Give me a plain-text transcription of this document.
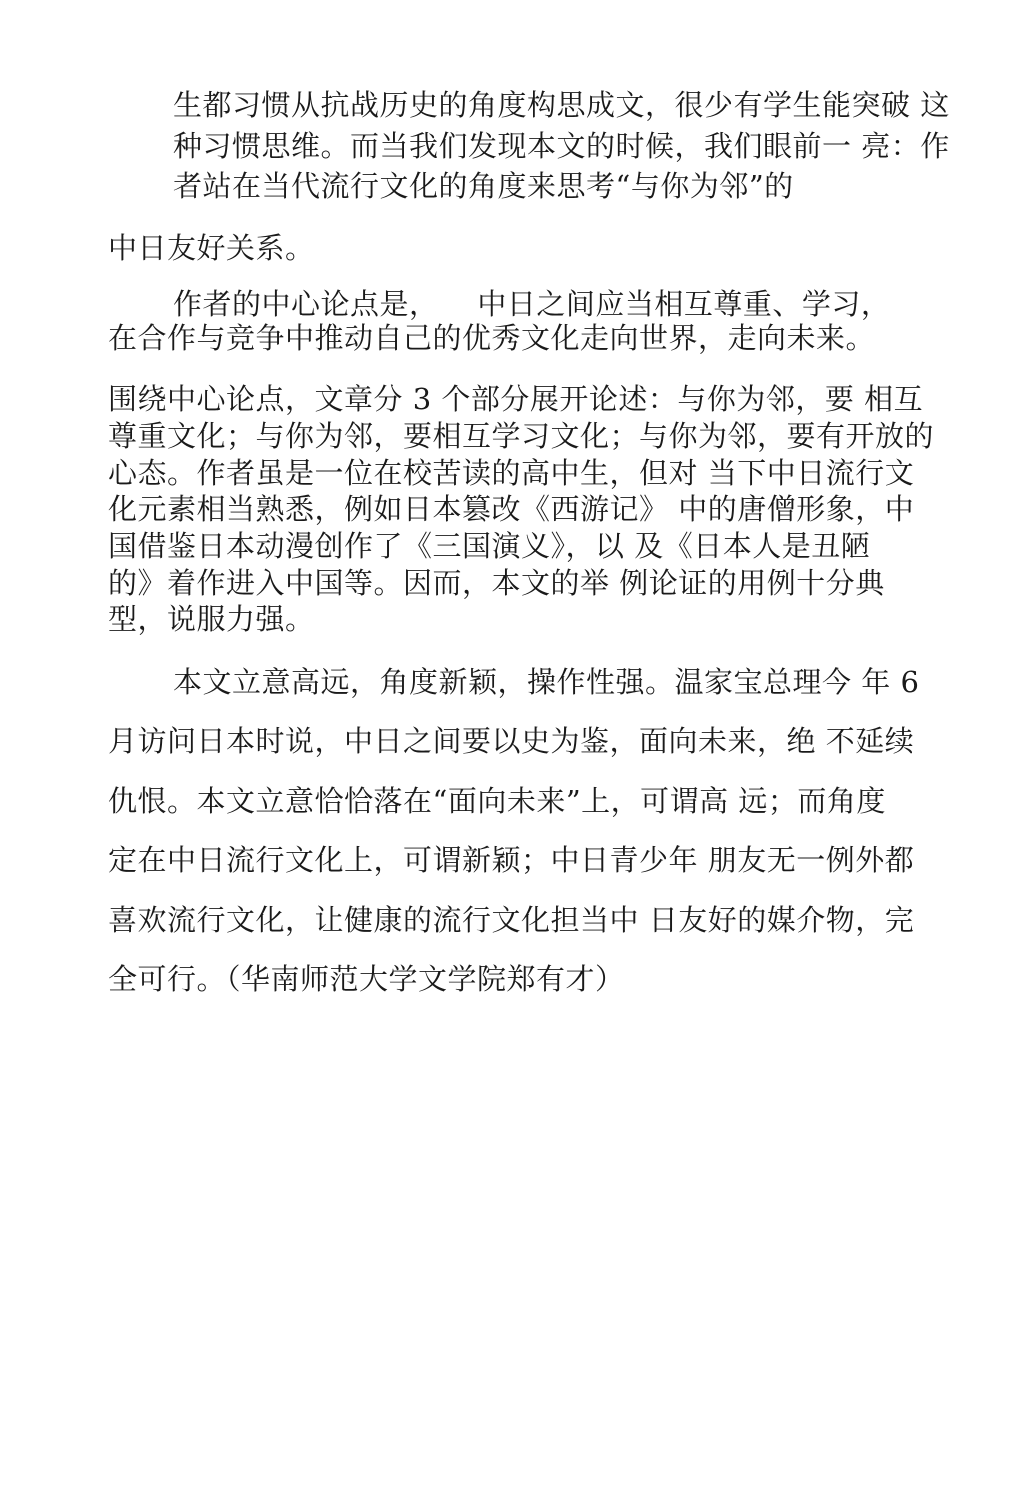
生都习惯从抗战历史的角度构思成文，很少有学生能突破 这
种习惯思维。而当我们发现本文的时候，我们眼前一 亮：作
者站在当代流行文化的角度来思考“与你为邻”的
中日友好关系。
作者的中心论点是，    中日之间应当相互尊重、学习，
在合作与竞争中推动自己的优秀文化走向世界，走向未来。
围绕中心论点，文章分 3 个部分展开论述：与你为邻，要 相互
尊重文化；与你为邻，要相互学习文化；与你为邻，要有开放的
心态。作者虽是一位在校苦读的高中生，但对 当下中日流行文
化元素相当熟悉，例如日本篡改《西游记》 中的唐僧形象，中
国借鉴日本动漫创作了《三国演义》，以 及《日本人是丑陋
的》着作进入中国等。因而，本文的举 例论证的用例十分典
型，说服力强。
本文立意高远，角度新颖，操作性强。温家宝总理今 年 6
月访问日本时说，中日之间要以史为鉴，面向未来，绝 不延续
仇恨。本文立意恰恰落在“面向未来”上，可谓高 远；而角度
定在中日流行文化上，可谓新颖；中日青少年 朋友无一例外都
喜欢流行文化，让健康的流行文化担当中 日友好的媒介物，完
全可行。（华南师范大学文学院郑有才）
